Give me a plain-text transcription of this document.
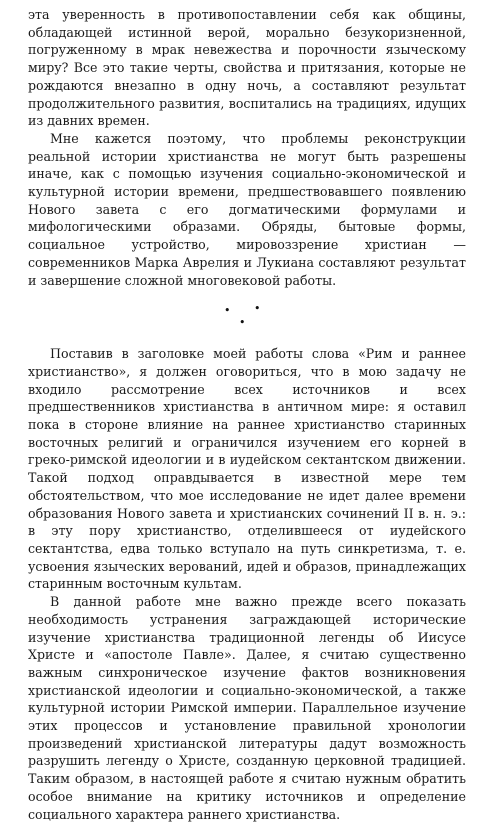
эта уверенность в противопоставлении себя как общины, обладающей истинной верой, морально безукоризненной, погруженному в мрак невежества и порочности языческому миру? Все это такие черты, свойства и притязания, которые не рождаются внезапно в одну ночь, а составляют результат продолжительного развития, воспитались на традициях, идущих из давних времен.

Мне кажется поэтому, что проблемы реконструкции реальной истории христианства не могут быть разрешены иначе, как с помощью изучения социально-экономической и культурной истории времени, предшествовавшего появлению Нового завета с его догматическими формулами и мифологическими образами. Обряды, бытовые формы, социальное устройство, мировоззрение христиан — современников Марка Аврелия и Лукиана составляют результат и завершение сложной многовековой работы.

•
•
•

Поставив в заголовке моей работы слова «Рим и раннее христианство», я должен оговориться, что в мою задачу не входило рассмотрение всех источников и всех предшественников христианства в античном мире: я оставил пока в стороне влияние на раннее христианство старинных восточных религий и ограничился изучением его корней в греко-римской идеологии и в иудейском сектантском движении. Такой подход оправдывается в известной мере тем обстоятельством, что мое исследование не идет далее времени образования Нового завета и христианских сочинений II в. н. э.: в эту пору христианство, отделившееся от иудейского сектантства, едва только вступало на путь синкретизма, т. е. усвоения языческих верований, идей и образов, принадлежащих старинным восточным культам.

В данной работе мне важно прежде всего показать необходимость устранения заграждающей исторические изучение христианства традиционной легенды об Иисусе Христе и «апостоле Павле». Далее, я считаю существенно важным синхроническое изучение фактов возникновения христианской идеологии и социально-экономической, а также культурной истории Римской империи. Параллельное изучение этих процессов и установление правильной хронологии произведений христианской литературы дадут возможность разрушить легенду о Христе, созданную церковной традицией. Таким образом, в настоящей работе я считаю нужным обратить особое внимание на критику источников и определение социального характера раннего христианства.
